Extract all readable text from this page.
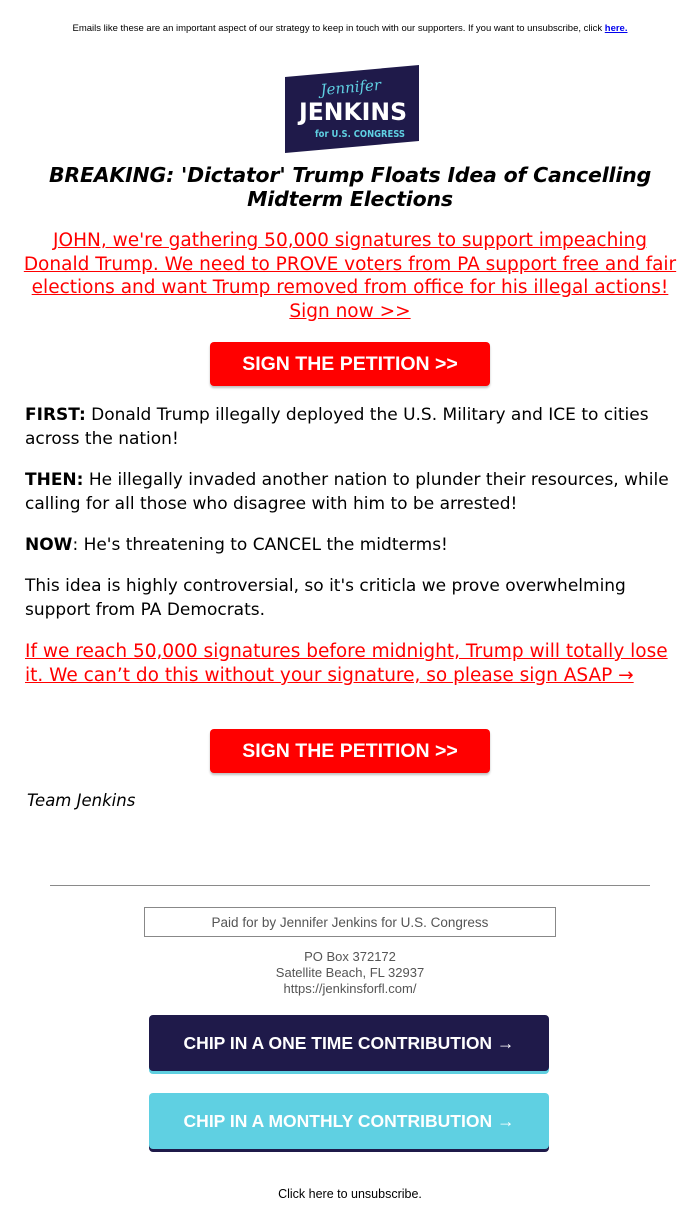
Emails like these are an important aspect of our strategy to keep in touch with our supporters. If you want to unsubscribe, click here.
Jennifer
JENKINS
for U.S. CONGRESS
BREAKING: 'Dictator' Trump Floats Idea of Cancelling Midterm Elections
JOHN, we're gathering 50,000 signatures to support impeaching Donald Trump. We need to PROVE voters from PA support free and fair elections and want Trump removed from office for his illegal actions! Sign now >>
SIGN THE PETITION >>
FIRST: Donald Trump illegally deployed the U.S. Military and ICE to cities across the nation!
THEN: He illegally invaded another nation to plunder their resources, while calling for all those who disagree with him to be arrested!
NOW: He's threatening to CANCEL the midterms!
This idea is highly controversial, so it's criticla we prove overwhelming support from PA Democrats.
If we reach 50,000 signatures before midnight, Trump will totally lose it. We can’t do this without your signature, so please sign ASAP →
SIGN THE PETITION >>
Team Jenkins
Paid for by Jennifer Jenkins for U.S. Congress
PO Box 372172
Satellite Beach, FL 32937
https://jenkinsforfl.com/
CHIP IN A ONE TIME CONTRIBUTION →
CHIP IN A MONTHLY CONTRIBUTION →
Click here to unsubscribe.
